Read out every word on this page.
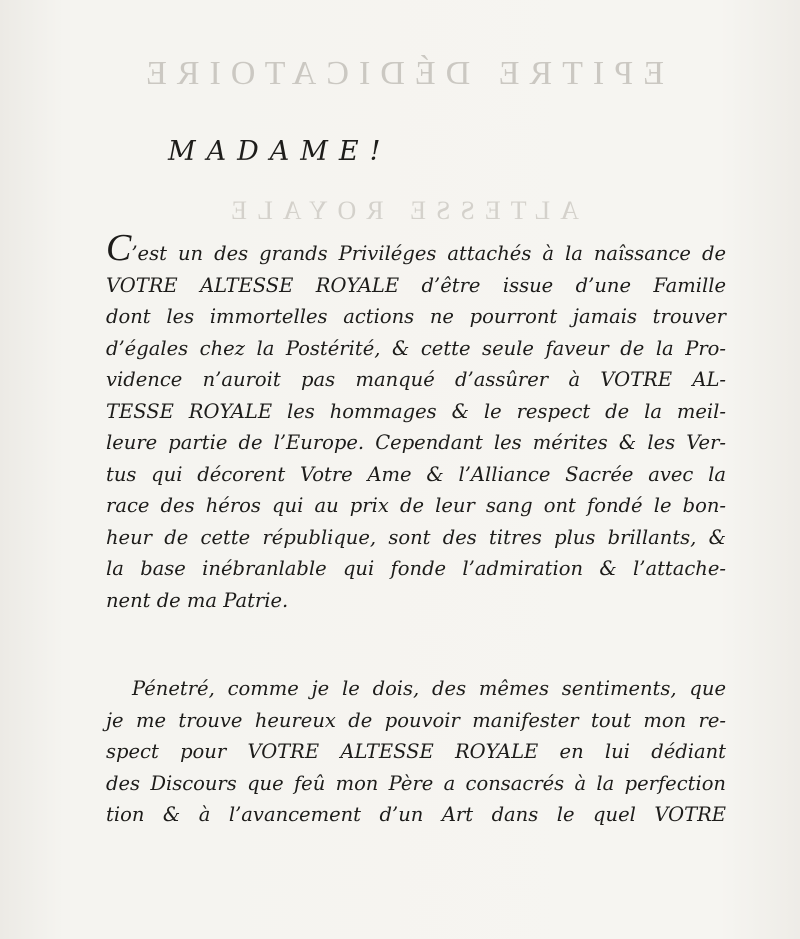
EPITRE DÉDICATOIRE
ALTESSE ROYALE
MADAME!
C’est un des grands Priviléges attachés à la naîssance de
VOTRE ALTESSE ROYALE d’être issue d’une Famille
dont les immortelles actions ne pourront jamais trouver
d’égales chez la Postérité, & cette seule faveur de la Pro-
vidence n’auroit pas manqué d’assûrer à VOTRE AL-
TESSE ROYALE les hommages & le respect de la meil-
leure partie de l’Europe. Cependant les mérites & les Ver-
tus qui décorent Votre Ame & l’Alliance Sacrée avec la
race des héros qui au prix de leur sang ont fondé le bon-
heur de cette république, sont des titres plus brillants, &
la base inébranlable qui fonde l’admiration & l’attache-
nent de ma Patrie.
Pénetré, comme je le dois, des mêmes sentiments, que
je me trouve heureux de pouvoir manifester tout mon re-
spect pour VOTRE ALTESSE ROYALE en lui dédiant
des Discours que feû mon Père a consacrés à la perfection
tion & à l’avancement d’un Art dans le quel VOTRE
